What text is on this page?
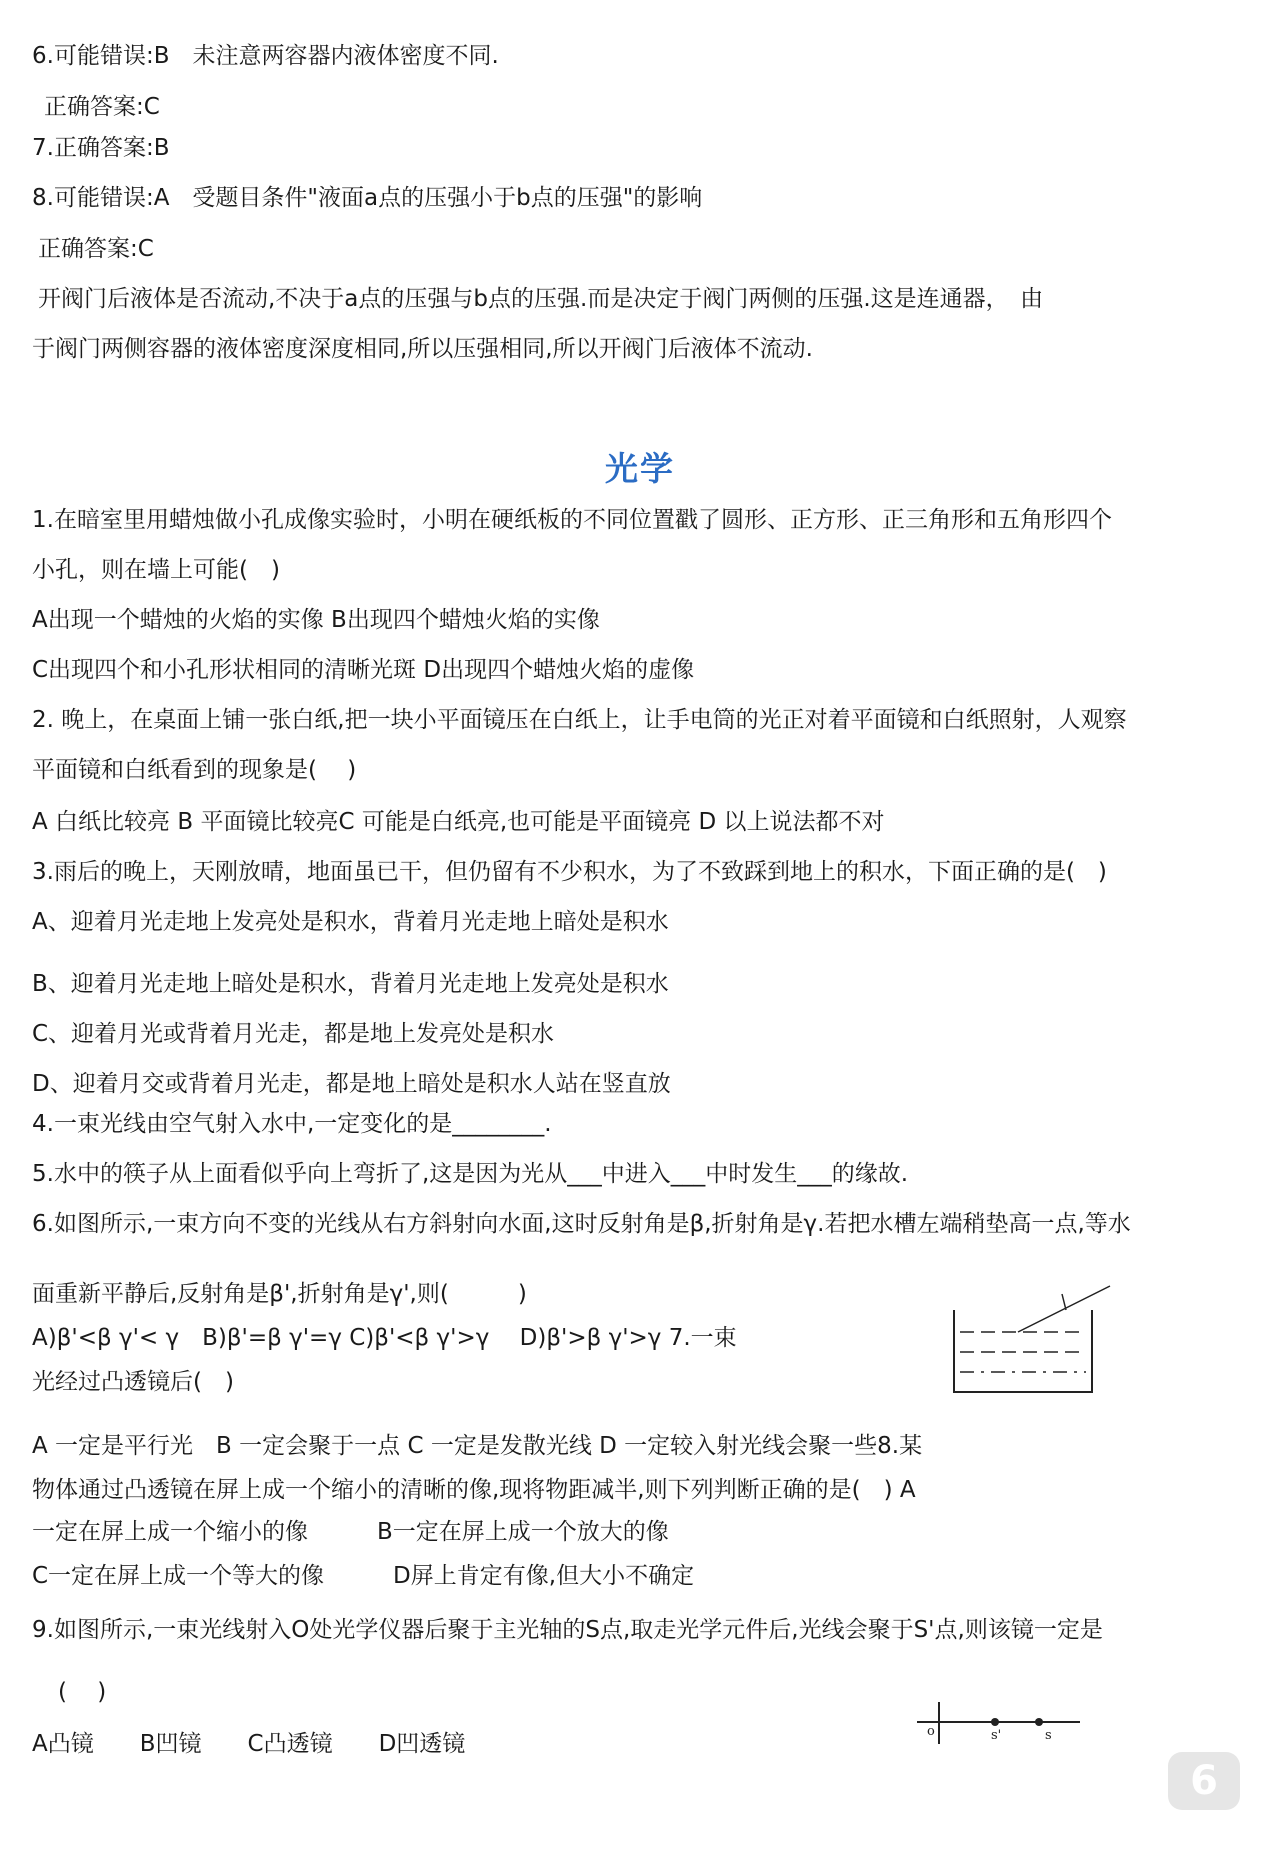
6.可能错误:B　未注意两容器内液体密度不同.
正确答案:C
7.正确答案:B
8.可能错误:A　受题目条件"液面a点的压强小于b点的压强"的影响
正确答案:C
开阀门后液体是否流动,不决于a点的压强与b点的压强.而是决定于阀门两侧的压强.这是连通器，　由
于阀门两侧容器的液体密度深度相同,所以压强相同,所以开阀门后液体不流动.
光学
1.在暗室里用蜡烛做小孔成像实验时，小明在硬纸板的不同位置戳了圆形、正方形、正三角形和五角形四个
小孔，则在墙上可能(　)
A出现一个蜡烛的火焰的实像 B出现四个蜡烛火焰的实像
C出现四个和小孔形状相同的清晰光斑 D出现四个蜡烛火焰的虚像
2. 晚上，在桌面上铺一张白纸,把一块小平面镜压在白纸上，让手电筒的光正对着平面镜和白纸照射，人观察
平面镜和白纸看到的现象是(　 )
A 白纸比较亮 B 平面镜比较亮C 可能是白纸亮,也可能是平面镜亮 D 以上说法都不对
3.雨后的晚上，天刚放晴，地面虽已干，但仍留有不少积水，为了不致踩到地上的积水，下面正确的是(　)
A、迎着月光走地上发亮处是积水，背着月光走地上暗处是积水
B、迎着月光走地上暗处是积水，背着月光走地上发亮处是积水
C、迎着月光或背着月光走，都是地上发亮处是积水
D、迎着月交或背着月光走，都是地上暗处是积水人站在竖直放
4.一束光线由空气射入水中,一定变化的是________.
5.水中的筷子从上面看似乎向上弯折了,这是因为光从___中进入___中时发生___的缘故.
6.如图所示,一束方向不变的光线从右方斜射向水面,这时反射角是β,折射角是γ.若把水槽左端稍垫高一点,等水
面重新平静后,反射角是β',折射角是γ',则(　　　)
A)β'<β γ'< γ　B)β'=β γ'=γ C)β'<β γ'>γ　 D)β'>β γ'>γ 7.一束
光经过凸透镜后(　)
A 一定是平行光　B 一定会聚于一点 C 一定是发散光线 D 一定较入射光线会聚一些8.某
物体通过凸透镜在屏上成一个缩小的清晰的像,现将物距减半,则下列判断正确的是(　) A
一定在屏上成一个缩小的像　　　B一定在屏上成一个放大的像
C一定在屏上成一个等大的像　　　D屏上肯定有像,但大小不确定
9.如图所示,一束光线射入O处光学仪器后聚于主光轴的S点,取走光学元件后,光线会聚于S'点,则该镜一定是
(　 )
A凸镜　　B凹镜　　C凸透镜　　D凹透镜	o	s'	s
6
